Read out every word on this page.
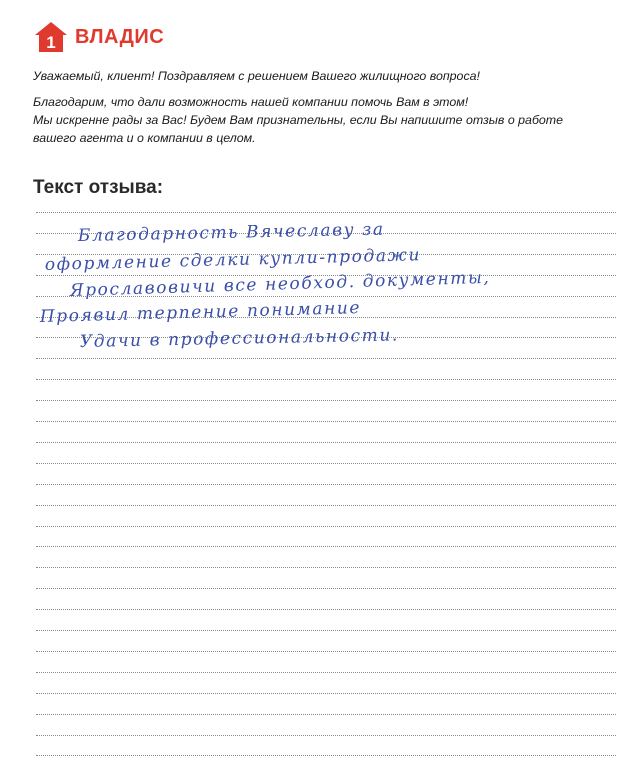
1 ВЛАДИС

Уважаемый, клиент! Поздравляем с решением Вашего жилищного вопроса!

Благодарим, что дали возможность нашей компании помочь Вам в этом!

Мы искренне рады за Вас! Будем Вам признательны, если Вы напишите отзыв о работе

вашего агента и о компании в целом.

Текст отзыва:
Благодарность Вячеславу за
оформление сделки купли-продажи
Ярославовичи все необход. документы,
Проявил терпение понимание
Удачи в профессиональности.
